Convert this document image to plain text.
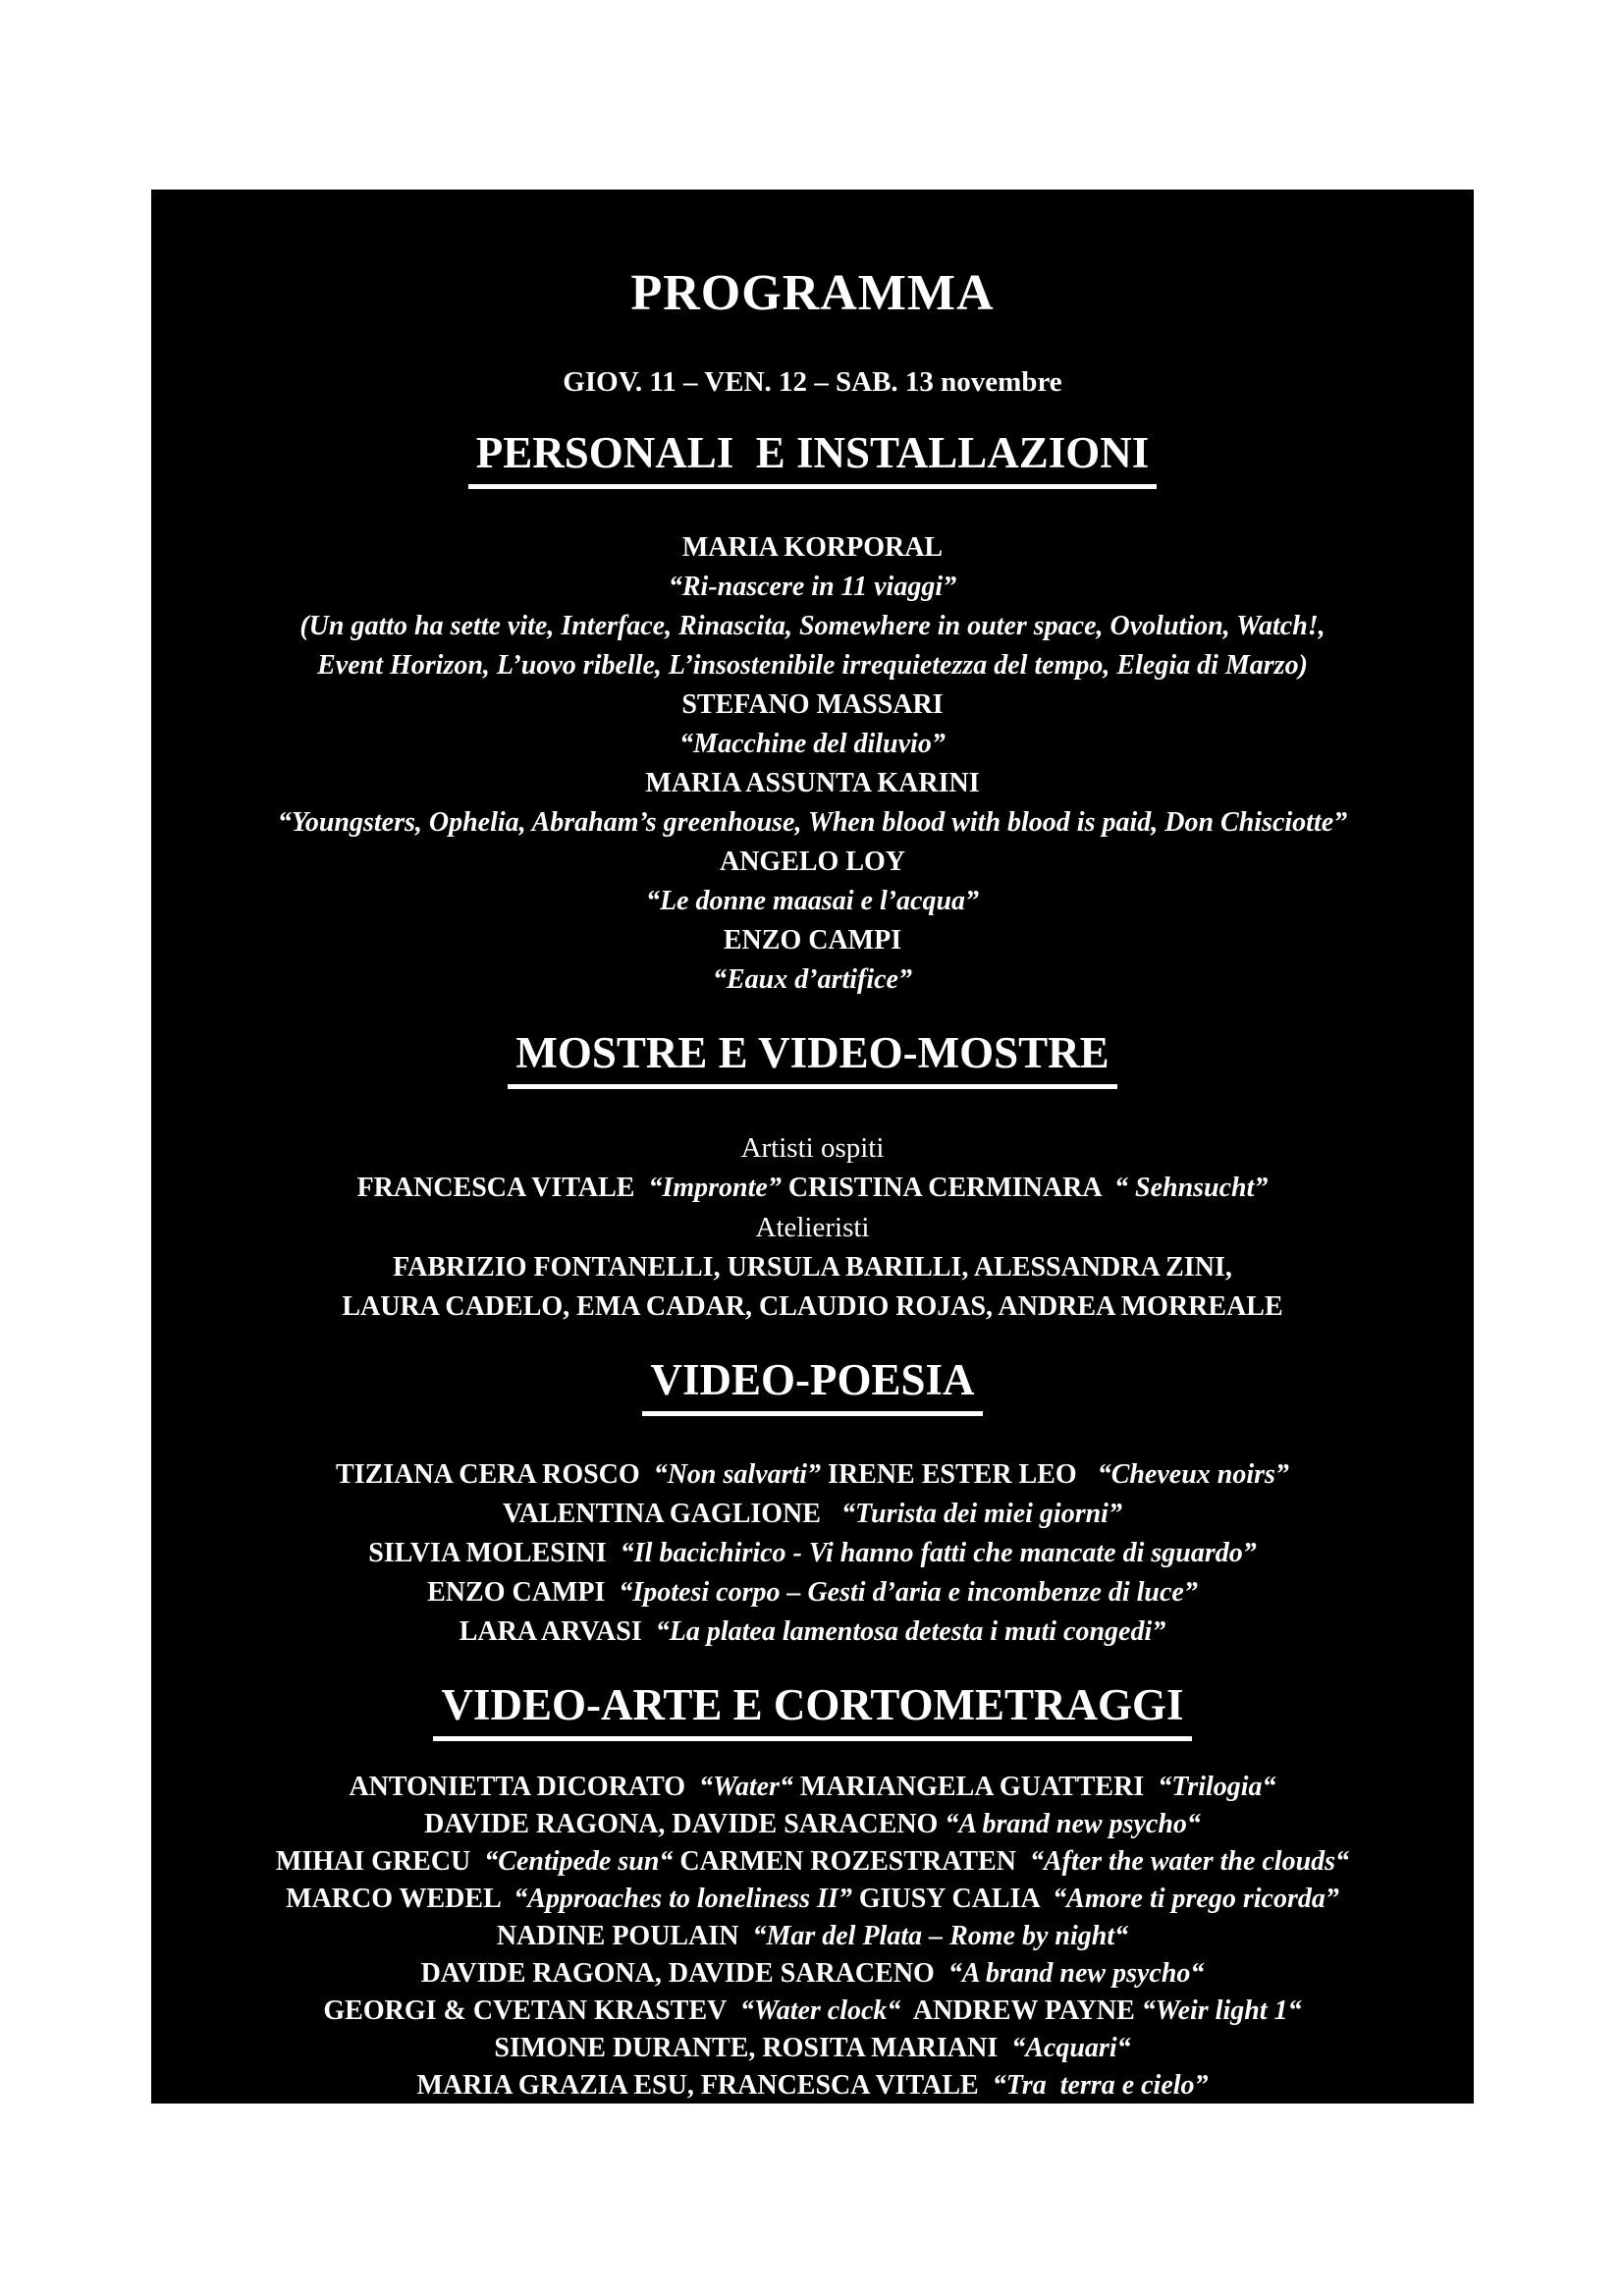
PROGRAMMA
GIOV. 11 – VEN. 12 – SAB. 13 novembre
PERSONALI  E INSTALLAZIONI
MARIA KORPORAL
“Ri-nascere in 11 viaggi”
(Un gatto ha sette vite, Interface, Rinascita, Somewhere in outer space, Ovolution, Watch!,
Event Horizon, L’uovo ribelle, L’insostenibile irrequietezza del tempo, Elegia di Marzo)
STEFANO MASSARI
“Macchine del diluvio”
MARIA ASSUNTA KARINI
“Youngsters, Ophelia, Abraham’s greenhouse, When blood with blood is paid, Don Chisciotte”
ANGELO LOY
“Le donne maasai e l’acqua”
ENZO CAMPI
“Eaux d’artifice”
MOSTRE E VIDEO-MOSTRE
Artisti ospiti
FRANCESCA VITALE  “Impronte” CRISTINA CERMINARA  “ Sehnsucht”
Atelieristi
FABRIZIO FONTANELLI, URSULA BARILLI, ALESSANDRA ZINI,
LAURA CADELO, EMA CADAR, CLAUDIO ROJAS, ANDREA MORREALE
VIDEO-POESIA
TIZIANA CERA ROSCO  “Non salvarti” IRENE ESTER LEO   “Cheveux noirs”
VALENTINA GAGLIONE   “Turista dei miei giorni”
SILVIA MOLESINI  “Il bacichirico - Vi hanno fatti che mancate di sguardo”
ENZO CAMPI  “Ipotesi corpo – Gesti d’aria e incombenze di luce”
LARA ARVASI  “La platea lamentosa detesta i muti congedi”
VIDEO-ARTE E CORTOMETRAGGI
ANTONIETTA DICORATO  “Water“ MARIANGELA GUATTERI  “Trilogia“
DAVIDE RAGONA, DAVIDE SARACENO “A brand new psycho“
MIHAI GRECU  “Centipede sun“ CARMEN ROZESTRATEN  “After the water the clouds“
MARCO WEDEL  “Approaches to loneliness II” GIUSY CALIA  “Amore ti prego ricorda”
NADINE POULAIN  “Mar del Plata – Rome by night“
DAVIDE RAGONA, DAVIDE SARACENO  “A brand new psycho“
GEORGI & CVETAN KRASTEV  “Water clock“  ANDREW PAYNE “Weir light 1“
SIMONE DURANTE, ROSITA MARIANI  “Acquari“
MARIA GRAZIA ESU, FRANCESCA VITALE  “Tra  terra e cielo”
